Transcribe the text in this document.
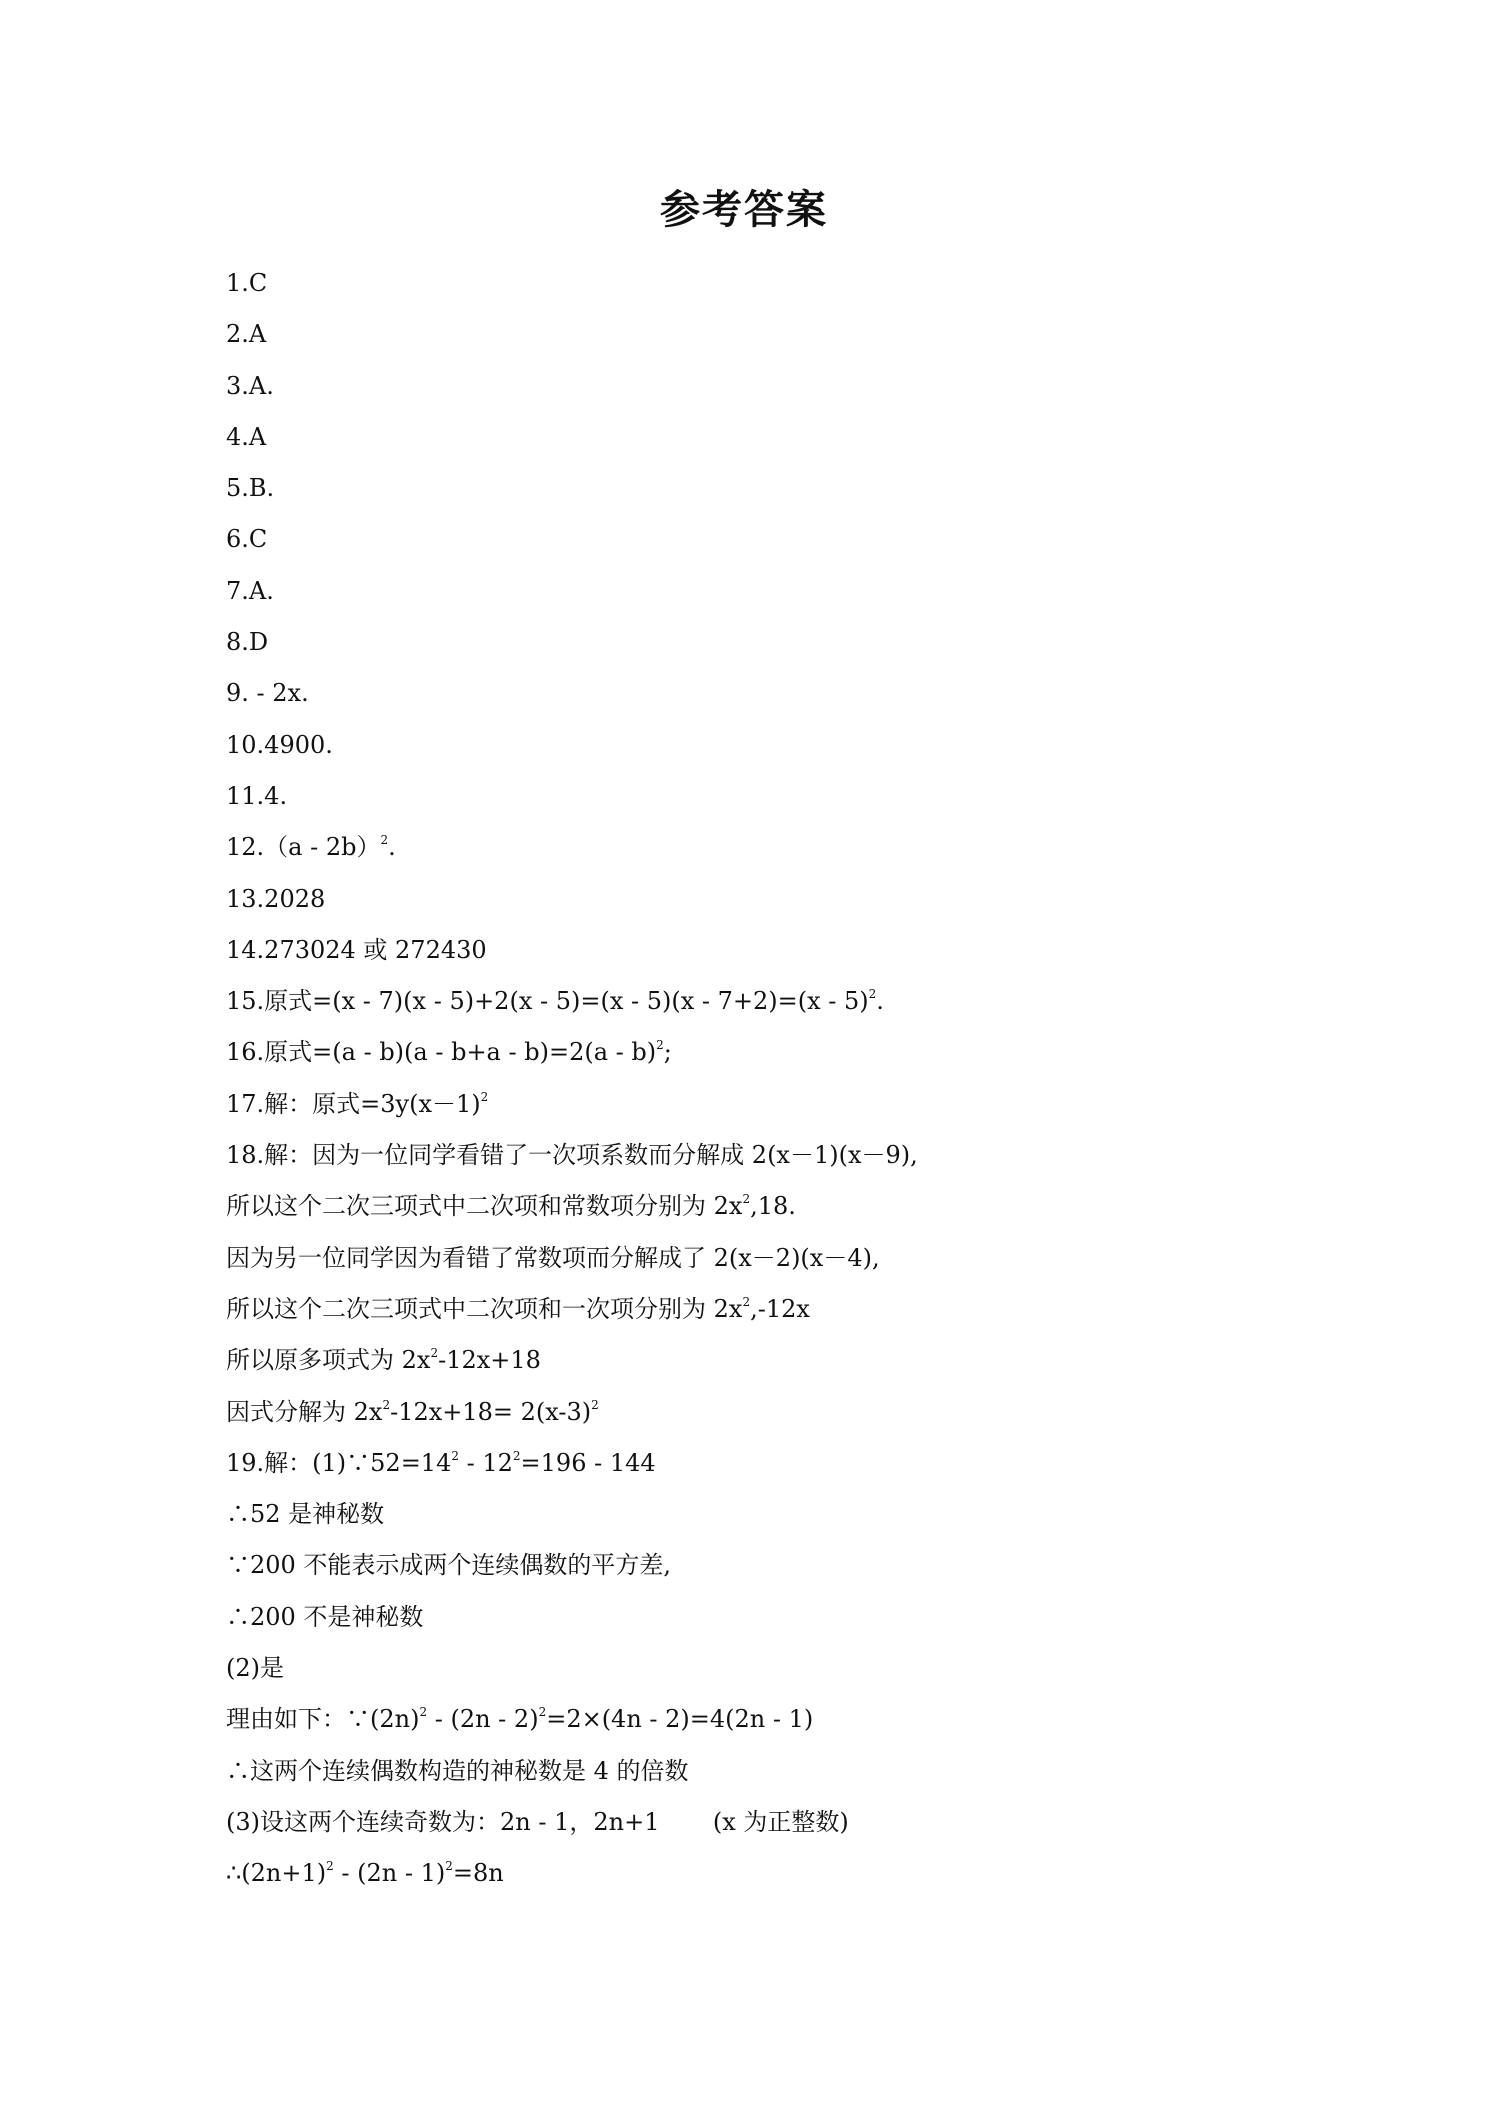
参考答案
1.C
2.A
3.A.
4.A
5.B.
6.C
7.A.
8.D
9. - 2x.
10.4900.
11.4.
12.（a - 2b）$^2$.
13.2028
14.273024 或 272430
15.原式=(x - 7)(x - 5)+2(x - 5)=(x - 5)(x - 7+2)=(x - 5)$^2$.
16.原式=(a - b)(a - b+a - b)=2(a - b)$^2$;
17.解：原式$=3y(x-1)^2$
18.解：因为一位同学看错了一次项系数而分解成 2(x－1)(x－9),
所以这个二次三项式中二次项和常数项分别为 $2x^2,18$.
因为另一位同学因为看错了常数项而分解成了 2(x－2)(x－4),
所以这个二次三项式中二次项和一次项分别为 $2x^2,-12x$
所以原多项式为 $2x^2-12x+18$
因式分解为 $2x^2-12x+18= 2(x-3)^2$
19.解：$(1)\because 52=14^2 - 12^2=196 - 144$
∴52 是神秘数
∵200 不能表示成两个连续偶数的平方差,
∴200 不是神秘数
(2)是
理由如下：$\because(2n)^2 - (2n - 2)^2=2\times(4n - 2)=4(2n - 1)$
∴这两个连续偶数构造的神秘数是 4 的倍数
(3)设这两个连续奇数为：2n - 1，2n+1       (x 为正整数)
$\therefore(2n+1)^2 - (2n - 1)^2=8n$
